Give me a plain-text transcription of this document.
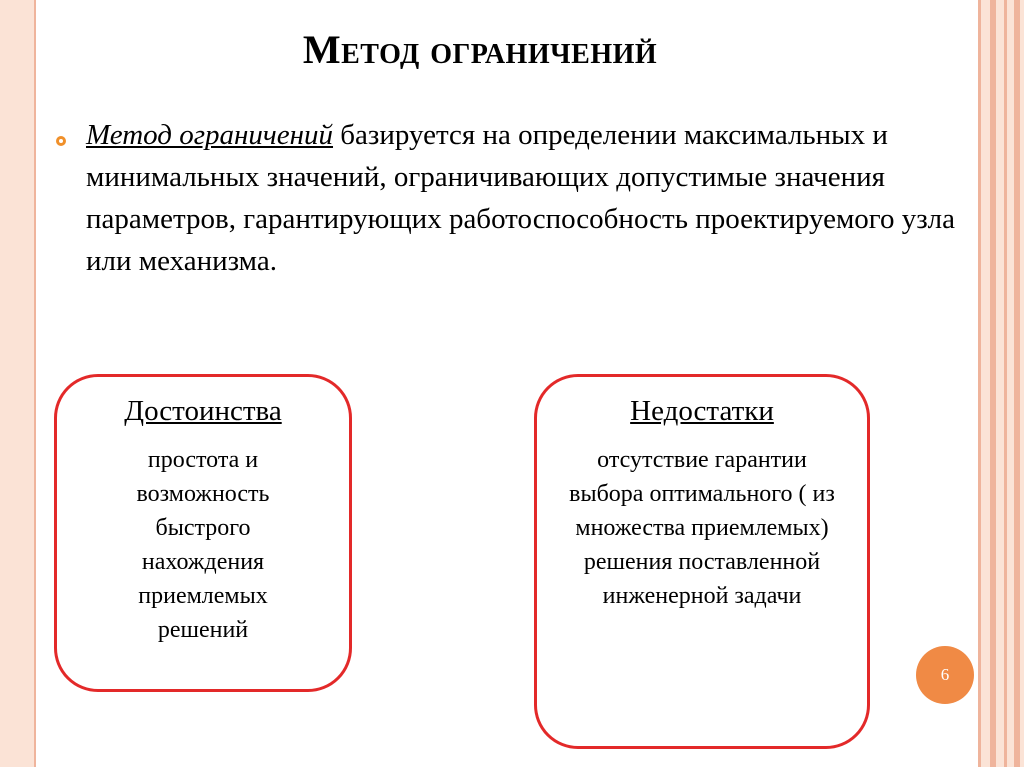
Метод ограничений
Метод ограничений базируется на определении максимальных и минимальных значений, ограничивающих допустимые значения параметров, гарантирующих работоспособность проектируемого узла или механизма.
Достоинства
простота и возможность быстрого нахождения приемлемых решений
Недостатки
отсутствие гарантии выбора оптимального ( из множества приемлемых) решения поставленной инженерной задачи
6
